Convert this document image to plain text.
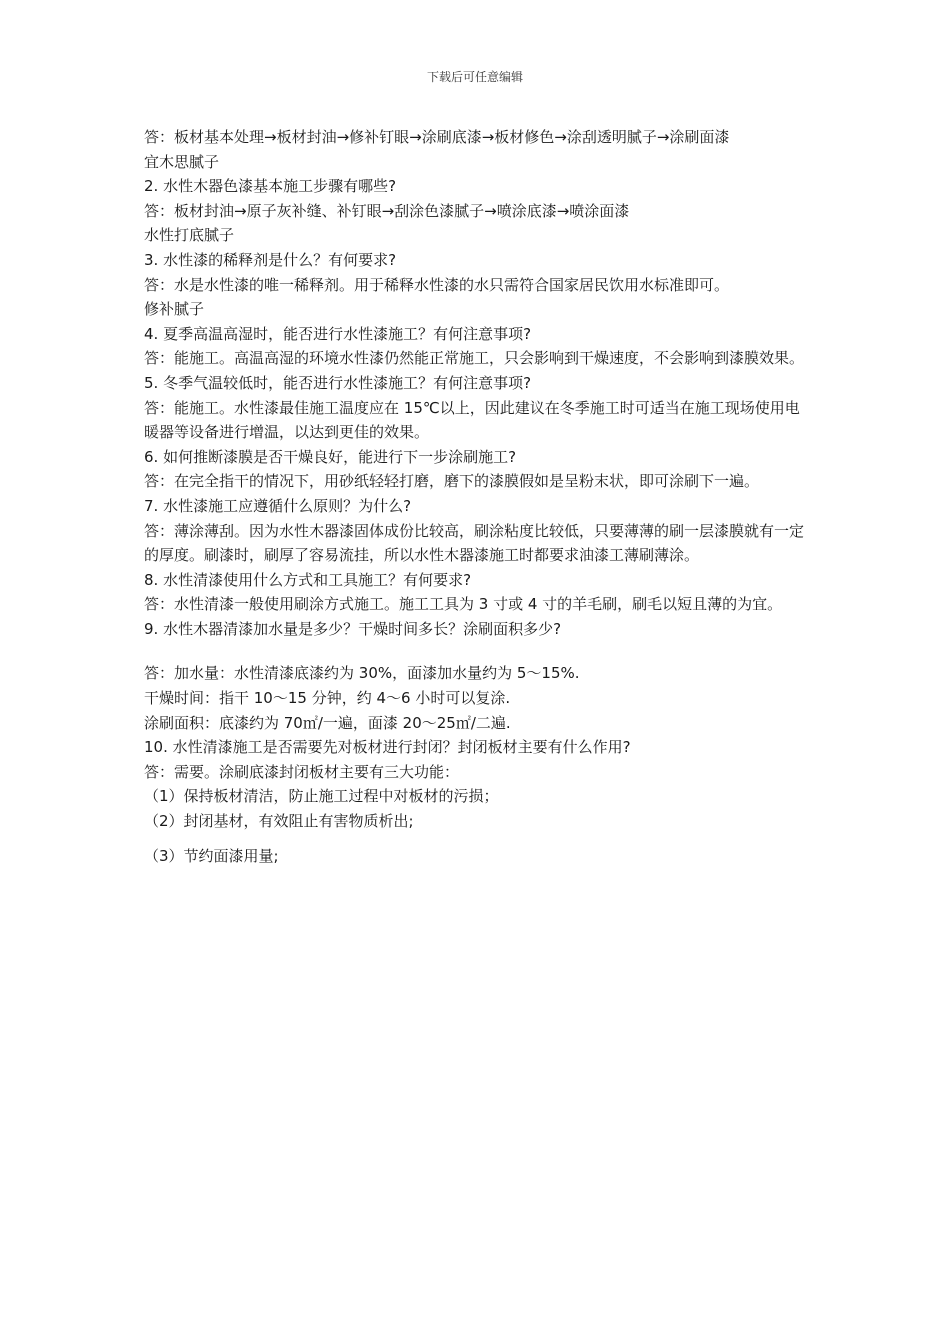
下载后可任意编辑

答：板材基本处理→板材封油→修补钉眼→涂刷底漆→板材修色→涂刮透明腻子→涂刷面漆

宜木思腻子

2. 水性木器色漆基本施工步骤有哪些?

答：板材封油→原子灰补缝、补钉眼→刮涂色漆腻子→喷涂底漆→喷涂面漆

水性打底腻子

3. 水性漆的稀释剂是什么？有何要求?

答：水是水性漆的唯一稀释剂。用于稀释水性漆的水只需符合国家居民饮用水标准即可。

修补腻子

4. 夏季高温高湿时，能否进行水性漆施工？有何注意事项?

答：能施工。高温高湿的环境水性漆仍然能正常施工，只会影响到干燥速度，不会影响到漆膜效果。

5. 冬季气温较低时，能否进行水性漆施工？有何注意事项?

答：能施工。水性漆最佳施工温度应在 15℃以上，因此建议在冬季施工时可适当在施工现场使用电暖器等设备进行增温，以达到更佳的效果。

6. 如何推断漆膜是否干燥良好，能进行下一步涂刷施工?

答：在完全指干的情况下，用砂纸轻轻打磨，磨下的漆膜假如是呈粉末状，即可涂刷下一遍。

7. 水性漆施工应遵循什么原则？为什么?

答：薄涂薄刮。因为水性木器漆固体成份比较高，刷涂粘度比较低，只要薄薄的刷一层漆膜就有一定的厚度。刷漆时，刷厚了容易流挂，所以水性木器漆施工时都要求油漆工薄刷薄涂。

8. 水性清漆使用什么方式和工具施工？有何要求?

答：水性清漆一般使用刷涂方式施工。施工工具为 3 寸或 4 寸的羊毛刷，刷毛以短且薄的为宜。

9. 水性木器清漆加水量是多少？干燥时间多长？涂刷面积多少?

答：加水量：水性清漆底漆约为 30%，面漆加水量约为 5～15%.

干燥时间：指干 10～15 分钟，约 4～6 小时可以复涂.

涂刷面积：底漆约为 70㎡/一遍，面漆 20～25㎡/二遍.

10. 水性清漆施工是否需要先对板材进行封闭？封闭板材主要有什么作用?

答：需要。涂刷底漆封闭板材主要有三大功能：

（1）保持板材清洁，防止施工过程中对板材的污损；

（2）封闭基材，有效阻止有害物质析出;

（3）节约面漆用量;
